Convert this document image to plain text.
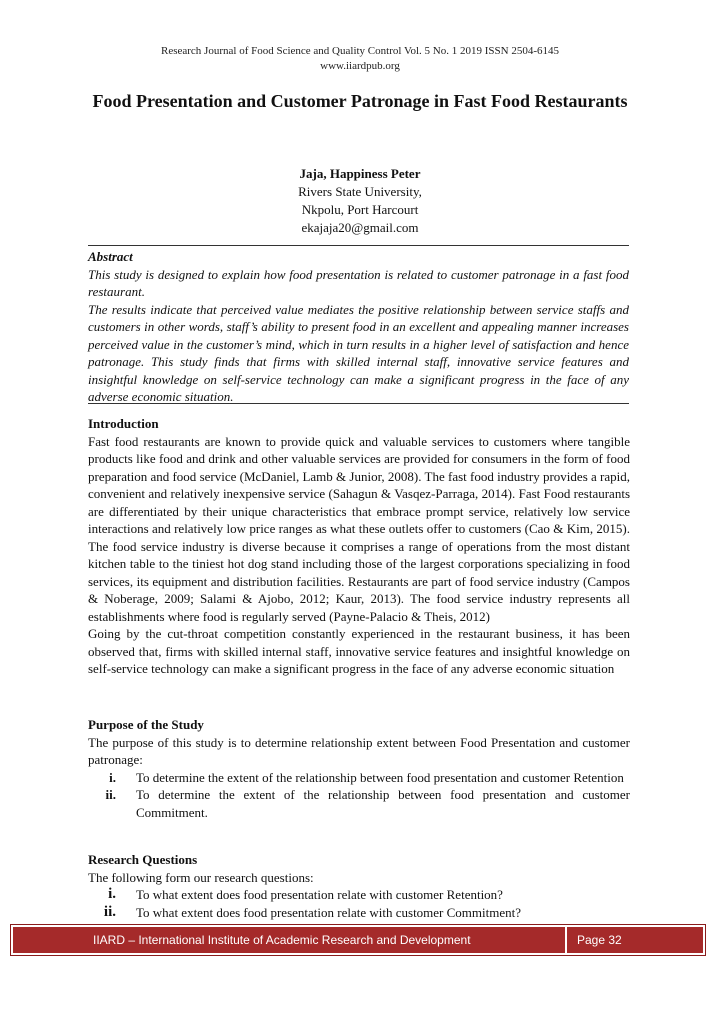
Research Journal of Food Science and Quality Control Vol. 5 No. 1 2019 ISSN 2504-6145
www.iiardpub.org
Food Presentation and Customer Patronage in Fast Food Restaurants
Jaja, Happiness Peter
Rivers State University,
Nkpolu, Port Harcourt
ekajaja20@gmail.com
Abstract

This study is designed to explain how food presentation is related to customer patronage in a fast food restaurant.

The results indicate that perceived value mediates the positive relationship between service staffs and customers in other words, staff’s ability to present food in an excellent and appealing manner increases perceived value in the customer’s mind, which in turn results in a higher level of satisfaction and hence patronage. This study finds that firms with skilled internal staff, innovative service features and insightful knowledge on self-service technology can make a significant progress in the face of any adverse economic situation.

Introduction

Fast food restaurants are known to provide quick and valuable services to customers where tangible products like food and drink and other valuable services are provided for consumers in the form of food preparation and food service (McDaniel, Lamb & Junior, 2008). The fast food industry provides a rapid, convenient and relatively inexpensive service (Sahagun & Vasqez-Parraga, 2014). Fast Food restaurants are differentiated by their unique characteristics that embrace prompt service, relatively low service interactions and relatively low price ranges as what these outlets offer to customers (Cao & Kim, 2015). The food service industry is diverse because it comprises a range of operations from the most distant kitchen table to the tiniest hot dog stand including those of the largest corporations specializing in food services, its equipment and distribution facilities. Restaurants are part of food service industry (Campos & Noberage, 2009; Salami & Ajobo, 2012; Kaur, 2013). The food service industry represents all establishments where food is regularly served (Payne-Palacio & Theis, 2012)

Going by the cut-throat competition constantly experienced in the restaurant business, it has been observed that, firms with skilled internal staff, innovative service features and insightful knowledge on self-service technology can make a significant progress in the face of any adverse economic situation

Purpose of the Study

The purpose of this study is to determine relationship extent between Food Presentation and customer patronage:

i.	To determine the extent of the relationship between food presentation and customer Retention
ii.	To determine the extent of the relationship between food presentation and customer Commitment.
Research Questions

The following form our research questions:

i.	To what extent does food presentation relate with customer Retention?
ii.	To what extent does food presentation relate with customer Commitment?
IIARD – International Institute of Academic Research and Development	Page 32
